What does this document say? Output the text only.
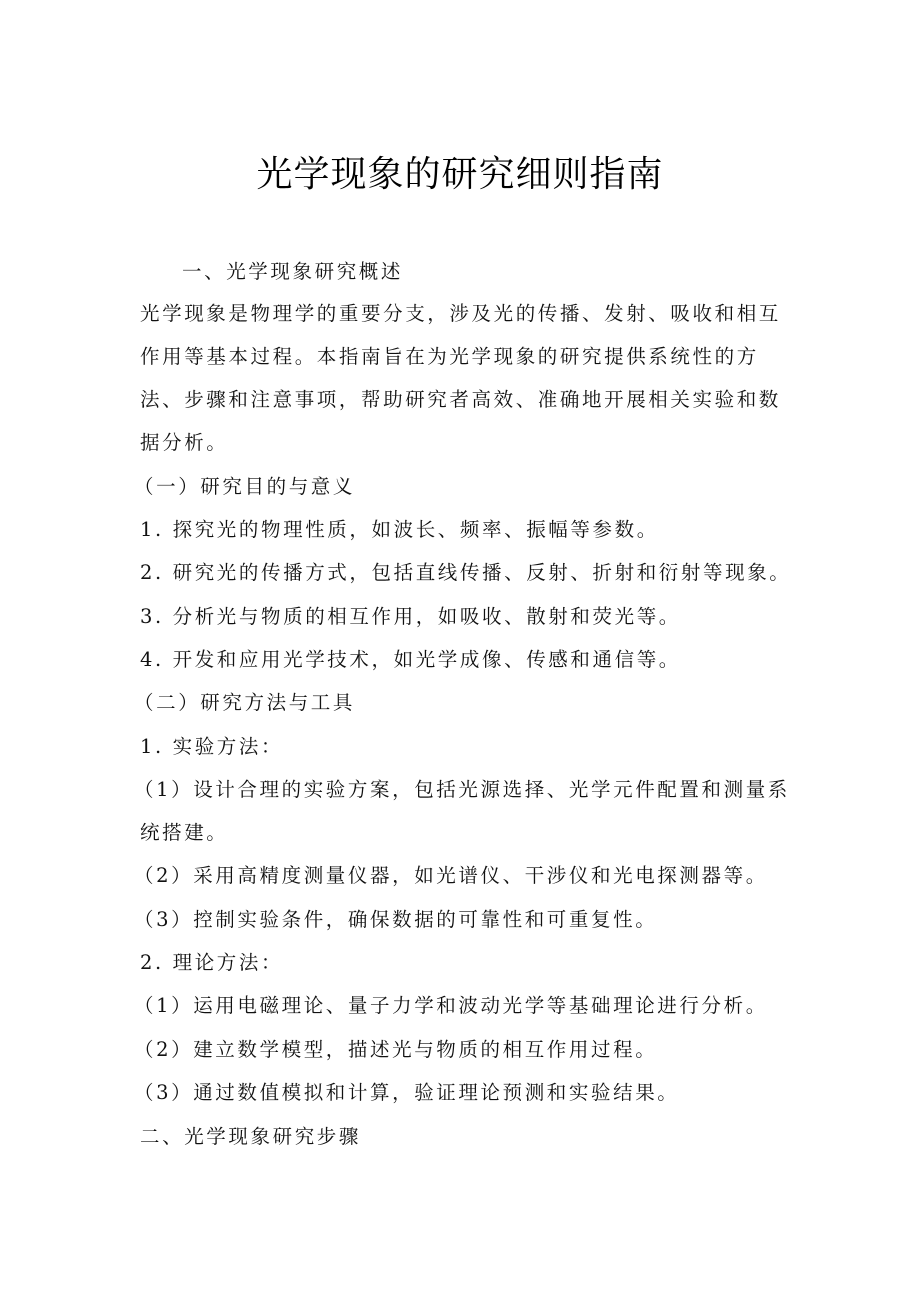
光学现象的研究细则指南
一、光学现象研究概述
光学现象是物理学的重要分支，涉及光的传播、发射、吸收和相互
作用等基本过程。本指南旨在为光学现象的研究提供系统性的方
法、步骤和注意事项，帮助研究者高效、准确地开展相关实验和数
据分析。
（一）研究目的与意义
1. 探究光的物理性质，如波长、频率、振幅等参数。
2. 研究光的传播方式，包括直线传播、反射、折射和衍射等现象。
3. 分析光与物质的相互作用，如吸收、散射和荧光等。
4. 开发和应用光学技术，如光学成像、传感和通信等。
（二）研究方法与工具
1. 实验方法：
（1）设计合理的实验方案，包括光源选择、光学元件配置和测量系
统搭建。
（2）采用高精度测量仪器，如光谱仪、干涉仪和光电探测器等。
（3）控制实验条件，确保数据的可靠性和可重复性。
2. 理论方法：
（1）运用电磁理论、量子力学和波动光学等基础理论进行分析。
（2）建立数学模型，描述光与物质的相互作用过程。
（3）通过数值模拟和计算，验证理论预测和实验结果。
二、光学现象研究步骤
